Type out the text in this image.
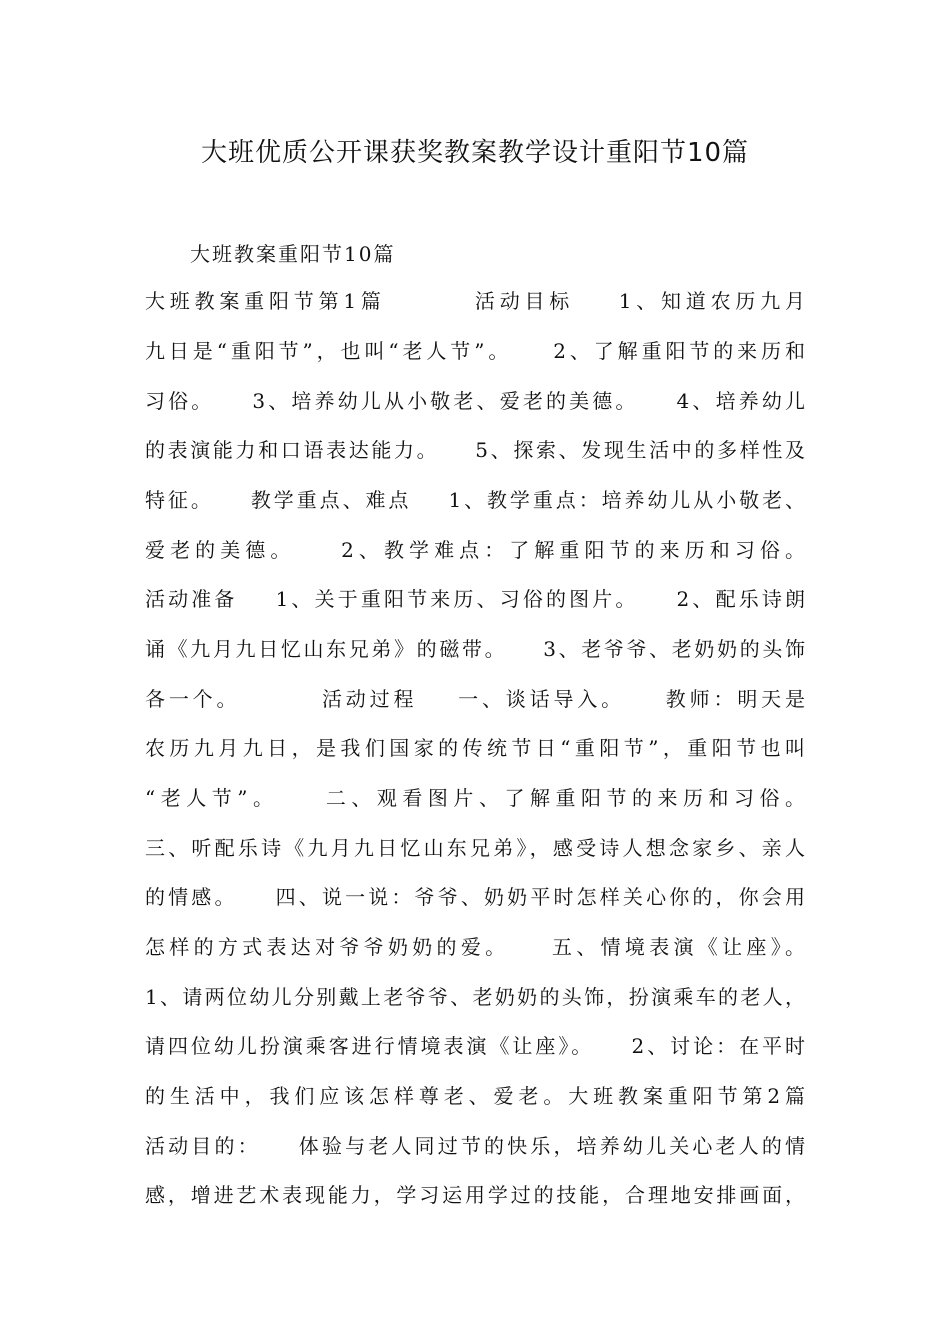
大班优质公开课获奖教案教学设计重阳节10篇
大班教案重阳节10篇
大班教案重阳节第1篇        活动目标    1、知道农历九月
九日是“重阳节”，也叫“老人节”。    2、了解重阳节的来历和
习俗。    3、培养幼儿从小敬老、爱老的美德。    4、培养幼儿
的表演能力和口语表达能力。    5、探索、发现生活中的多样性及
特征。    教学重点、难点    1、教学重点：培养幼儿从小敬老、
爱老的美德。    2、教学难点：了解重阳节的来历和习俗。
活动准备    1、关于重阳节来历、习俗的图片。    2、配乐诗朗
诵《九月九日忆山东兄弟》的磁带。    3、老爷爷、老奶奶的头饰
各一个。        活动过程    一、谈话导入。    教师：明天是
农历九月九日，是我们国家的传统节日“重阳节”，重阳节也叫
“老人节”。    二、观看图片、了解重阳节的来历和习俗。
三、听配乐诗《九月九日忆山东兄弟》，感受诗人想念家乡、亲人
的情感。    四、说一说：爷爷、奶奶平时怎样关心你的，你会用
怎样的方式表达对爷爷奶奶的爱。    五、情境表演《让座》。
1、请两位幼儿分别戴上老爷爷、老奶奶的头饰，扮演乘车的老人，
请四位幼儿扮演乘客进行情境表演《让座》。    2、讨论：在平时
的生活中，我们应该怎样尊老、爱老。大班教案重阳节第2篇
活动目的：    体验与老人同过节的快乐，培养幼儿关心老人的情
感，增进艺术表现能力，学习运用学过的技能，合理地安排画面，
